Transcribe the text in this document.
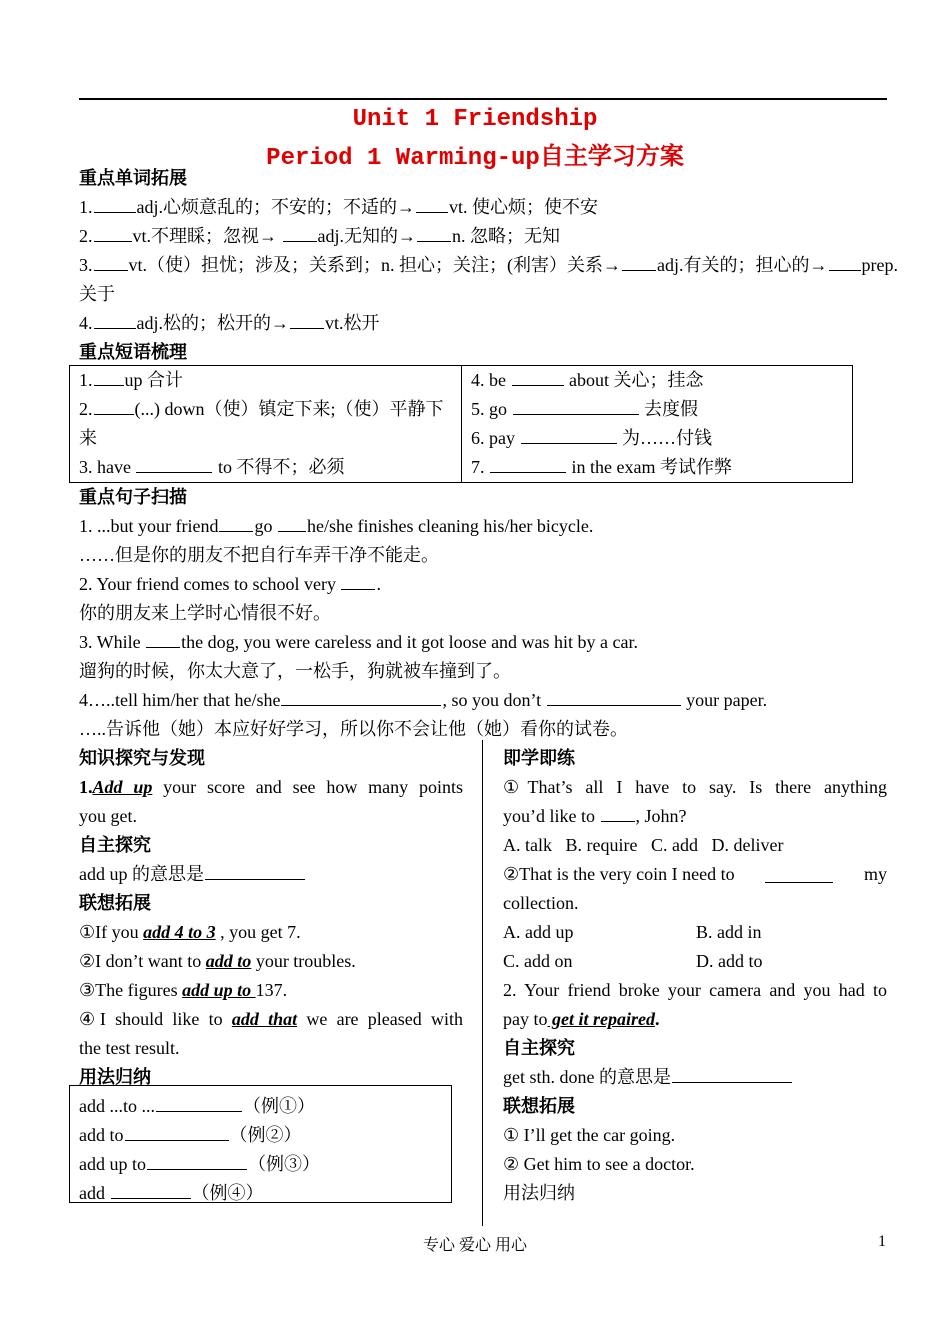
Unit 1 Friendship
Period 1 Warming-up自主学习方案
重点单词拓展
1. adj.心烦意乱的；不安的；不适的→ vt. 使心烦；使不安
2. vt.不理睬；忽视→ adj.无知的→ n. 忽略；无知
3. vt.（使）担忧；涉及；关系到；n. 担心；关注；(利害）关系→ adj.有关的；担心的→ prep.
关于
4. adj.松的；松开的→ vt.松开
重点短语梳理
1. up 合计
2. (...) down（使）镇定下来;（使）平静下
来
3. have	to 不得不；必须

4. be	about 关心；挂念
5. go	去度假
6. pay	为……付钱
7.	in the exam 考试作弊
重点句子扫描
1. ...but your friend go he/she finishes cleaning his/her bicycle.
……但是你的朋友不把自行车弄干净不能走。
2. Your friend comes to school very .
你的朋友来上学时心情很不好。
3. While the dog, you were careless and it got loose and was hit by a car.
遛狗的时候，你太大意了，一松手，狗就被车撞到了。
4…..tell him/her that he/she	, so you don’t	your paper.
…..告诉他（她）本应好好学习，所以你不会让他（她）看你的试卷。
知识探究与发现
1.Add up your score and see how many points
you get.
自主探究
add up 的意思是
联想拓展
①If you add 4 to 3 , you get 7.
②I don’t want to add to your troubles.
③The figures add up to 137.
④I should like to add that we are pleased with
the test result.
用法归纳
add ...to ...	（例①）
add to	（例②）
add up to	（例③）
add	（例④）
即学即练
①That’s all I have to say. Is there anything
you’d like to , John?
A. talk B. require C. add D. deliver
②That is the very coin I need to	my
collection.
A. add up	B. add in
C. add on	D. add to
2. Your friend broke your camera and you had to
pay to get it repaired.
自主探究
get sth. done 的意思是
联想拓展
① I’ll get the car going.
② Get him to see a doctor.
用法归纳
专心 爱心 用心	1
